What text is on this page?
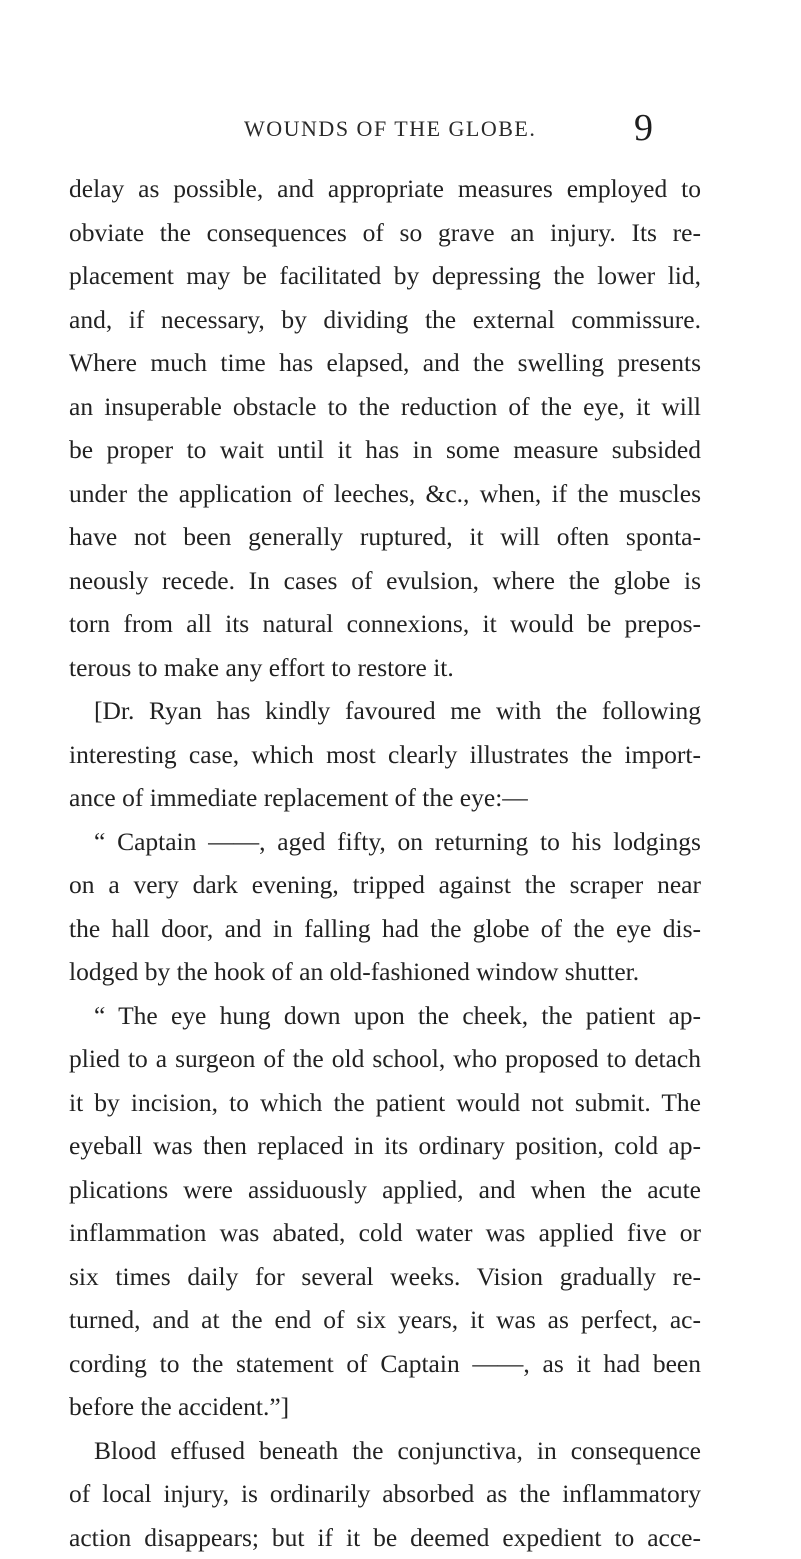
WOUNDS OF THE GLOBE.	9
delay as possible, and appropriate measures employed to
obviate the consequences of so grave an injury. Its re-
placement may be facilitated by depressing the lower lid,
and, if necessary, by dividing the external commissure.
Where much time has elapsed, and the swelling presents
an insuperable obstacle to the reduction of the eye, it will
be proper to wait until it has in some measure subsided
under the application of leeches, &c., when, if the muscles
have not been generally ruptured, it will often sponta-
neously recede. In cases of evulsion, where the globe is
torn from all its natural connexions, it would be prepos-
terous to make any effort to restore it.
[Dr. Ryan has kindly favoured me with the following
interesting case, which most clearly illustrates the import-
ance of immediate replacement of the eye:—
“ Captain ——, aged fifty, on returning to his lodgings
on a very dark evening, tripped against the scraper near
the hall door, and in falling had the globe of the eye dis-
lodged by the hook of an old-fashioned window shutter.
“ The eye hung down upon the cheek, the patient ap-
plied to a surgeon of the old school, who proposed to detach
it by incision, to which the patient would not submit. The
eyeball was then replaced in its ordinary position, cold ap-
plications were assiduously applied, and when the acute
inflammation was abated, cold water was applied five or
six times daily for several weeks. Vision gradually re-
turned, and at the end of six years, it was as perfect, ac-
cording to the statement of Captain ——, as it had been
before the accident.”]
Blood effused beneath the conjunctiva, in consequence
of local injury, is ordinarily absorbed as the inflammatory
action disappears; but if it be deemed expedient to acce-
